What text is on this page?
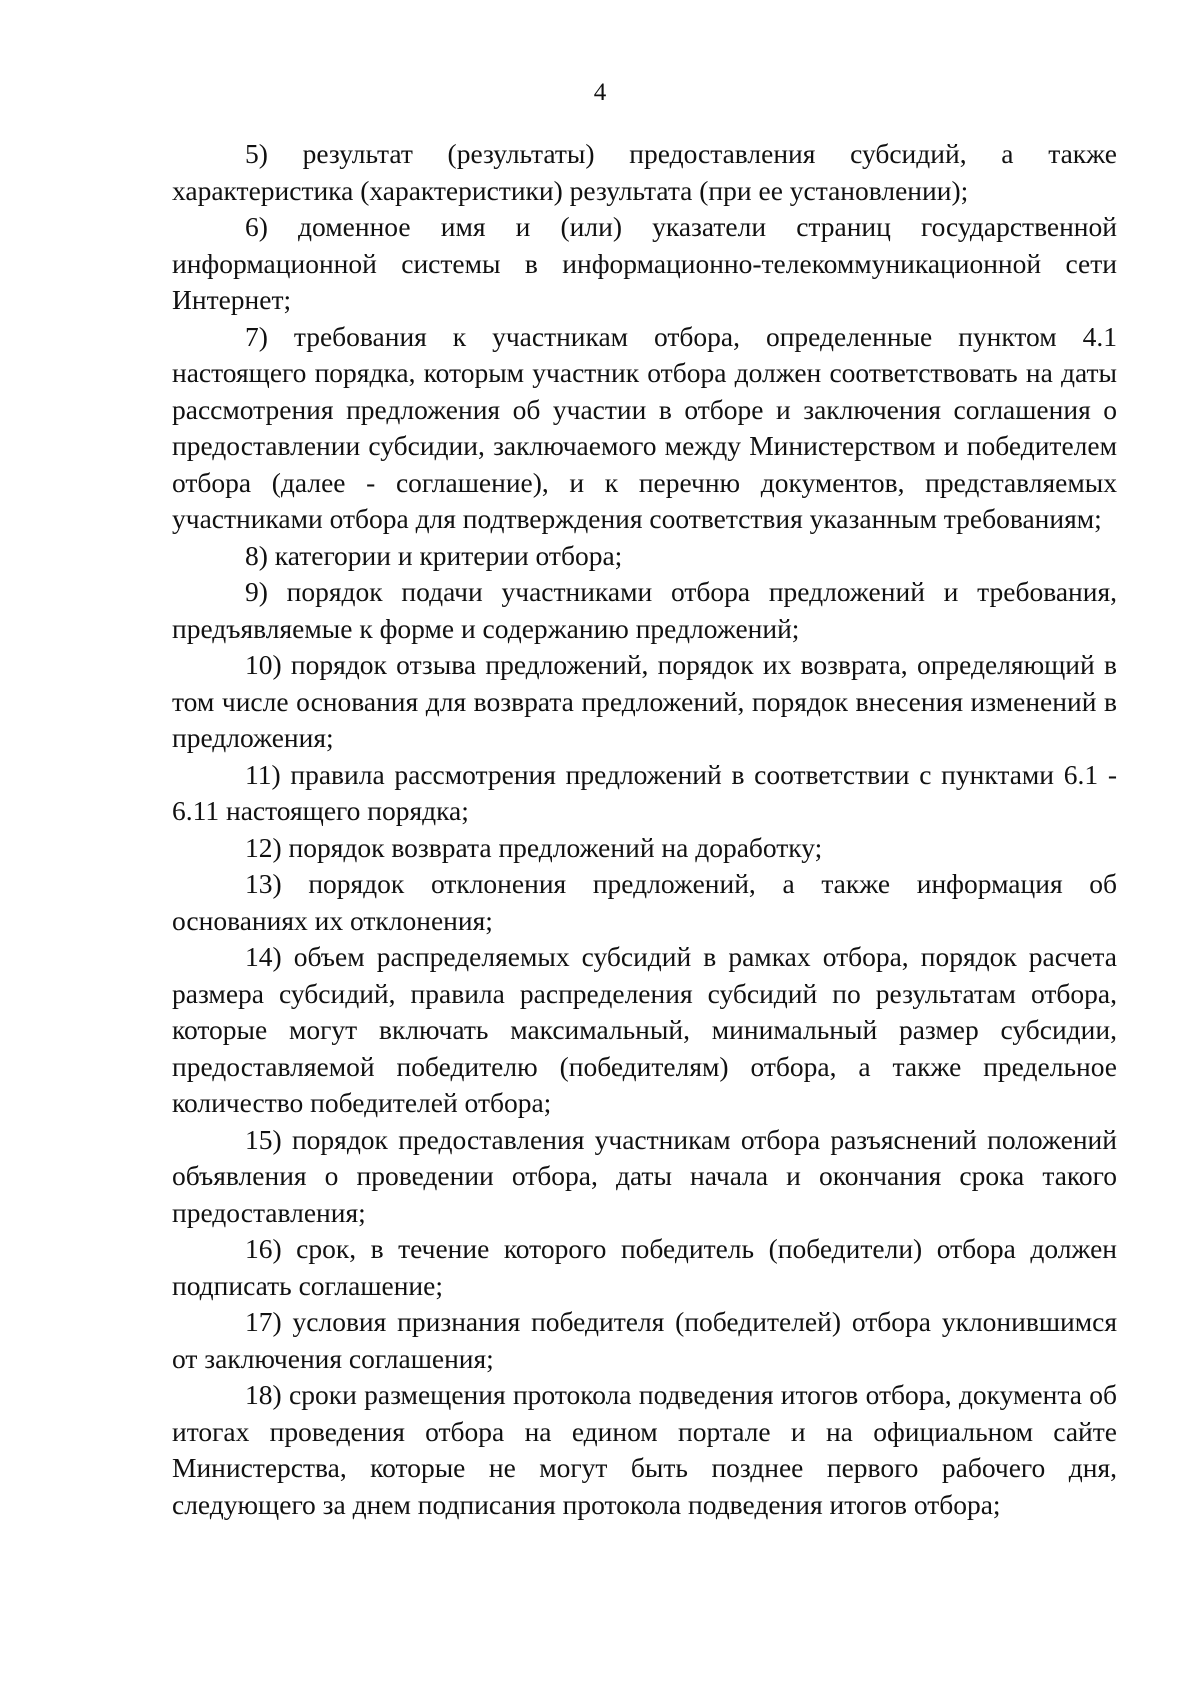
4

5) результат (результаты) предоставления субсидий, а также характеристика (характеристики) результата (при ее установлении);

6) доменное имя и (или) указатели страниц государственной информационной системы в информационно-телекоммуникационной сети Интернет;

7) требования к участникам отбора, определенные пунктом 4.1 настоящего порядка, которым участник отбора должен соответствовать на даты рассмотрения предложения об участии в отборе и заключения соглашения о предоставлении субсидии, заключаемого между Министерством и победителем отбора (далее - соглашение), и к перечню документов, представляемых участниками отбора для подтверждения соответствия указанным требованиям;

8) категории и критерии отбора;

9) порядок подачи участниками отбора предложений и требования, предъявляемые к форме и содержанию предложений;

10) порядок отзыва предложений, порядок их возврата, определяющий в том числе основания для возврата предложений, порядок внесения изменений в предложения;

11) правила рассмотрения предложений в соответствии с пунктами 6.1 - 6.11 настоящего порядка;

12) порядок возврата предложений на доработку;

13) порядок отклонения предложений, а также информация об основаниях их отклонения;

14) объем распределяемых субсидий в рамках отбора, порядок расчета размера субсидий, правила распределения субсидий по результатам отбора, которые могут включать максимальный, минимальный размер субсидии, предоставляемой победителю (победителям) отбора, а также предельное количество победителей отбора;

15) порядок предоставления участникам отбора разъяснений положений объявления о проведении отбора, даты начала и окончания срока такого предоставления;

16) срок, в течение которого победитель (победители) отбора должен подписать соглашение;

17) условия признания победителя (победителей) отбора уклонившимся от заключения соглашения;

18) сроки размещения протокола подведения итогов отбора, документа об итогах проведения отбора на едином портале и на официальном сайте Министерства, которые не могут быть позднее первого рабочего дня, следующего за днем подписания протокола подведения итогов отбора;
